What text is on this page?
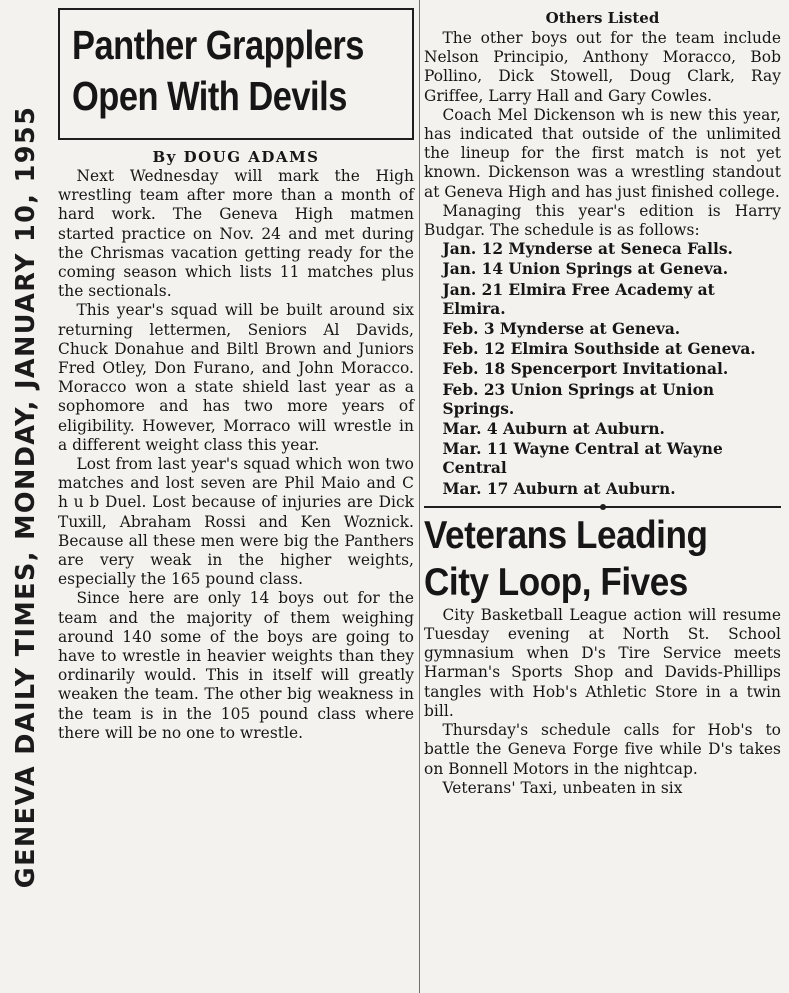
GENEVA DAILY TIMES, MONDAY, JANUARY 10, 1955
Panther Grapplers
Open With Devils
By DOUG ADAMS

Next Wednesday will mark the High wrestling team after more than a month of hard work. The Geneva High matmen started practice on Nov. 24 and met during the Chrismas vacation getting ready for the coming season which lists 11 matches plus the sectionals.

This year's squad will be built around six returning lettermen, Seniors Al Davids, Chuck Donahue and Biltl Brown and Juniors Fred Otley, Don Furano, and John Moracco. Moracco won a state shield last year as a sophomore and has two more years of eligibility. However, Morraco will wrestle in a different weight class this year.

Lost from last year's squad which won two matches and lost seven are Phil Maio and C h u b Duel. Lost because of injuries are Dick Tuxill, Abraham Rossi and Ken Woznick. Because all these men were big the Panthers are very weak in the higher weights, especially the 165 pound class.

Since here are only 14 boys out for the team and the majority of them weighing around 140 some of the boys are going to have to wrestle in heavier weights than they ordinarily would. This in itself will greatly weaken the team. The other big weakness in the team is in the 105 pound class where there will be no one to wrestle.

Others Listed

The other boys out for the team include Nelson Principio, Anthony Moracco, Bob Pollino, Dick Stowell, Doug Clark, Ray Griffee, Larry Hall and Gary Cowles.

Coach Mel Dickenson wh is new this year, has indicated that outside of the unlimited the lineup for the first match is not yet known. Dickenson was a wrestling standout at Geneva High and has just finished college.

Managing this year's edition is Harry Budgar. The schedule is as follows:

Jan. 12 Mynderse at Seneca Falls.
Jan. 14 Union Springs at Geneva.
Jan. 21 Elmira Free Academy at Elmira.
Feb. 3 Mynderse at Geneva.
Feb. 12 Elmira Southside at Geneva.
Feb. 18 Spencerport Invitational.
Feb. 23 Union Springs at Union Springs.
Mar. 4 Auburn at Auburn.
Mar. 11 Wayne Central at Wayne Central
Mar. 17 Auburn at Auburn.
Veterans Leading
City Loop, Fives

City Basketball League action will resume Tuesday evening at North St. School gymnasium when D's Tire Service meets Harman's Sports Shop and Davids-Phillips tangles with Hob's Athletic Store in a twin bill.

Thursday's schedule calls for Hob's to battle the Geneva Forge five while D's takes on Bonnell Motors in the nightcap.

Veterans' Taxi, unbeaten in six
